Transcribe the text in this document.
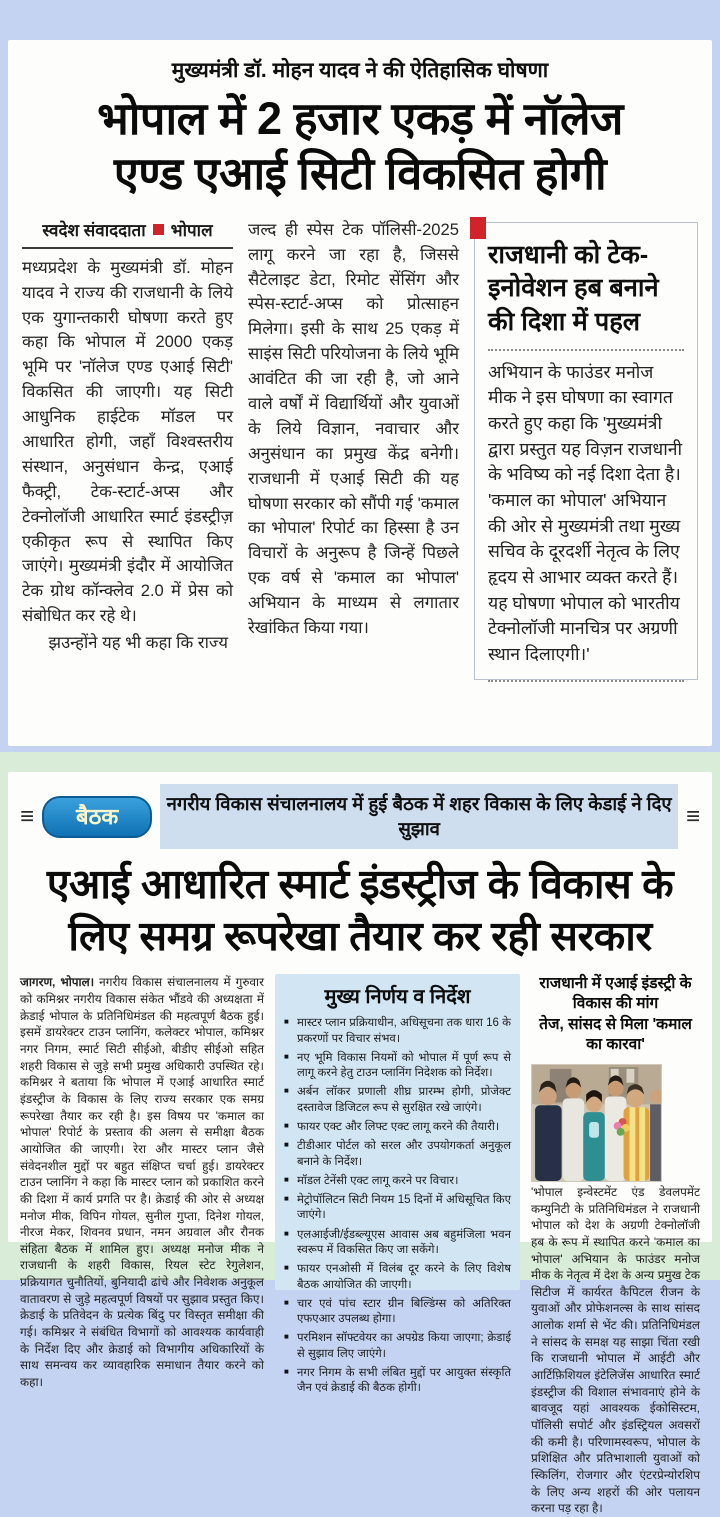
मुख्यमंत्री डॉ. मोहन यादव ने की ऐतिहासिक घोषणा
भोपाल में 2 हजार एकड़ में नॉलेज
एण्ड एआई सिटी विकसित होगी
स्वदेश संवाददाता भोपाल

मध्यप्रदेश के मुख्यमंत्री डॉ. मोहन यादव ने राज्य की राजधानी के लिये एक युगान्तकारी घोषणा करते हुए कहा कि भोपाल में 2000 एकड़ भूमि पर 'नॉलेज एण्ड एआई सिटी' विकसित की जाएगी। यह सिटी आधुनिक हाईटेक मॉडल पर आधारित होगी, जहाँ विश्वस्तरीय संस्थान, अनुसंधान केन्द्र, एआई फैक्ट्री, टेक-स्टार्ट-अप्स और टेक्नोलॉजी आधारित स्मार्ट इंडस्ट्रीज़ एकीकृत रूप से स्थापित किए जाएंगे। मुख्यमंत्री इंदौर में आयोजित टेक ग्रोथ कॉन्क्लेव 2.0 में प्रेस को संबोधित कर रहे थे।

झउन्होंने यह भी कहा कि राज्य

जल्द ही स्पेस टेक पॉलिसी-2025 लागू करने जा रहा है, जिससे सैटेलाइट डेटा, रिमोट सेंसिंग और स्पेस-स्टार्ट-अप्स को प्रोत्साहन मिलेगा। इसी के साथ 25 एकड़ में साइंस सिटी परियोजना के लिये भूमि आवंटित की जा रही है, जो आने वाले वर्षों में विद्यार्थियों और युवाओं के लिये विज्ञान, नवाचार और अनुसंधान का प्रमुख केंद्र बनेगी। राजधानी में एआई सिटी की यह घोषणा सरकार को सौंपी गई 'कमाल का भोपाल' रिपोर्ट का हिस्सा है उन विचारों के अनुरूप है जिन्हें पिछले एक वर्ष से 'कमाल का भोपाल' अभियान के माध्यम से लगातार रेखांकित किया गया।

राजधानी को टेक-
इनोवेशन हब बनाने
की दिशा में पहल

अभियान के फाउंडर मनोज मीक ने इस घोषणा का स्वागत करते हुए कहा कि 'मुख्यमंत्री द्वारा प्रस्तुत यह विज़न राजधानी के भविष्य को नई दिशा देता है। 'कमाल का भोपाल' अभियान की ओर से मुख्यमंत्री तथा मुख्य सचिव के दूरदर्शी नेतृत्व के लिए हृदय से आभार व्यक्त करते हैं। यह घोषणा भोपाल को भारतीय टेक्नोलॉजी मानचित्र पर अग्रणी स्थान दिलाएगी।'

≡	बैठक	नगरीय विकास संचालनालय में हुई बैठक में शहर विकास के लिए केडाई ने दिए सुझाव	≡
एआई आधारित स्मार्ट इंडस्ट्रीज के विकास के
लिए समग्र रूपरेखा तैयार कर रही सरकार
जागरण, भोपाल। नगरीय विकास संचालनालय में गुरुवार को कमिश्नर नगरीय विकास संकेत भौंडवे की अध्यक्षता में क्रेडाई भोपाल के प्रतिनिधिमंडल की महत्वपूर्ण बैठक हुई। इसमें डायरेक्टर टाउन प्लानिंग, कलेक्टर भोपाल, कमिश्नर नगर निगम, स्मार्ट सिटी सीईओ, बीडीए सीईओ सहित शहरी विकास से जुड़े सभी प्रमुख अधिकारी उपस्थित रहे। कमिश्नर ने बताया कि भोपाल में एआई आधारित स्मार्ट इंडस्ट्रीज के विकास के लिए राज्य सरकार एक समग्र रूपरेखा तैयार कर रही है। इस विषय पर 'कमाल का भोपाल' रिपोर्ट के प्रस्ताव की अलग से समीक्षा बैठक आयोजित की जाएगी। रेरा और मास्टर प्लान जैसे संवेदनशील मुद्दों पर बहुत संक्षिप्त चर्चा हुई। डायरेक्टर टाउन प्लानिंग ने कहा कि मास्टर प्लान को प्रकाशित करने की दिशा में कार्य प्रगति पर है। क्रेडाई की ओर से अध्यक्ष मनोज मीक, विपिन गोयल, सुनील गुप्ता, दिनेश गोयल, नीरज मेकर, शिवनव प्रधान, नमन अग्रवाल और रौनक संहिता बैठक में शामिल हुए। अध्यक्ष मनोज मीक ने राजधानी के शहरी विकास, रियल स्टेट रेगुलेशन, प्रक्रियागत चुनौतियों, बुनियादी ढांचे और निवेशक अनुकूल वातावरण से जुड़े महत्वपूर्ण विषयों पर सुझाव प्रस्तुत किए। क्रेडाई के प्रतिवेदन के प्रत्येक बिंदु पर विस्तृत समीक्षा की गई। कमिश्नर ने संबंधित विभागों को आवश्यक कार्यवाही के निर्देश दिए और क्रेडाई को विभागीय अधिकारियों के साथ समन्वय कर व्यावहारिक समाधान तैयार करने को कहा।
मुख्य निर्णय व निर्देश
■ मास्टर प्लान प्रक्रियाधीन, अधिसूचना तक धारा 16 के प्रकरणों पर विचार संभव।
■ नए भूमि विकास नियमों को भोपाल में पूर्ण रूप से लागू करने हेतु टाउन प्लानिंग निदेशक को निर्देश।
■ अर्बन लॉकर प्रणाली शीघ्र प्रारम्भ होगी, प्रोजेक्ट दस्तावेज डिजिटल रूप से सुरक्षित रखे जाएंगे।
■ फायर एक्ट और लिफ्ट एक्ट लागू करने की तैयारी।
■ टीडीआर पोर्टल को सरल और उपयोगकर्ता अनुकूल बनाने के निर्देश।
■ मॉडल टेनेंसी एक्ट लागू करने पर विचार।
■ मेट्रोपॉलिटन सिटी नियम 15 दिनों में अधिसूचित किए जाएंगे।
■ एलआईजी/ईडब्ल्यूएस आवास अब बहुमंजिला भवन स्वरूप में विकसित किए जा सकेंगे।
■ फायर एनओसी में विलंब दूर करने के लिए विशेष बैठक आयोजित की जाएगी।
■ चार एवं पांच स्टार ग्रीन बिल्डिंग्स को अतिरिक्त एफएआर उपलब्ध होगा।
■ परमिशन सॉफ्टवेयर का अपग्रेड किया जाएगा; क्रेडाई से सुझाव लिए जाएंगे।
■ नगर निगम के सभी लंबित मुद्दों पर आयुक्त संस्कृति जैन एवं क्रेडाई की बैठक होगी।
राजधानी में एआई इंडस्ट्री के विकास की मांग
तेज, सांसद से मिला 'कमाल का कारवा'

'भोपाल इन्वेस्टमेंट एंड डेवलपमेंट कम्युनिटी के प्रतिनिधिमंडल ने राजधानी भोपाल को देश के अग्रणी टेक्नोलॉजी हब के रूप में स्थापित करने 'कमाल का भोपाल' अभियान के फाउंडर मनोज मीक के नेतृत्व में देश के अन्य प्रमुख टेक सिटीज में कार्यरत कैपिटल रीजन के युवाओं और प्रोफेशनल्स के साथ सांसद आलोक शर्मा से भेंट की। प्रतिनिधिमंडल ने सांसद के समक्ष यह साझा चिंता रखी कि राजधानी भोपाल में आईटी और आर्टिफ़िशियल इंटेलिजेंस आधारित स्मार्ट इंडस्ट्रीज की विशाल संभावनाएं होने के बावजूद यहां आवश्यक ईकोसिस्टम, पॉलिसी सपोर्ट और इंडस्ट्रियल अवसरों की कमी है। परिणामस्वरूप, भोपाल के प्रशिक्षित और प्रतिभाशाली युवाओं को स्किलिंग, रोजगार और एंटरप्रेन्योरशिप के लिए अन्य शहरों की ओर पलायन करना पड़ रहा है।
